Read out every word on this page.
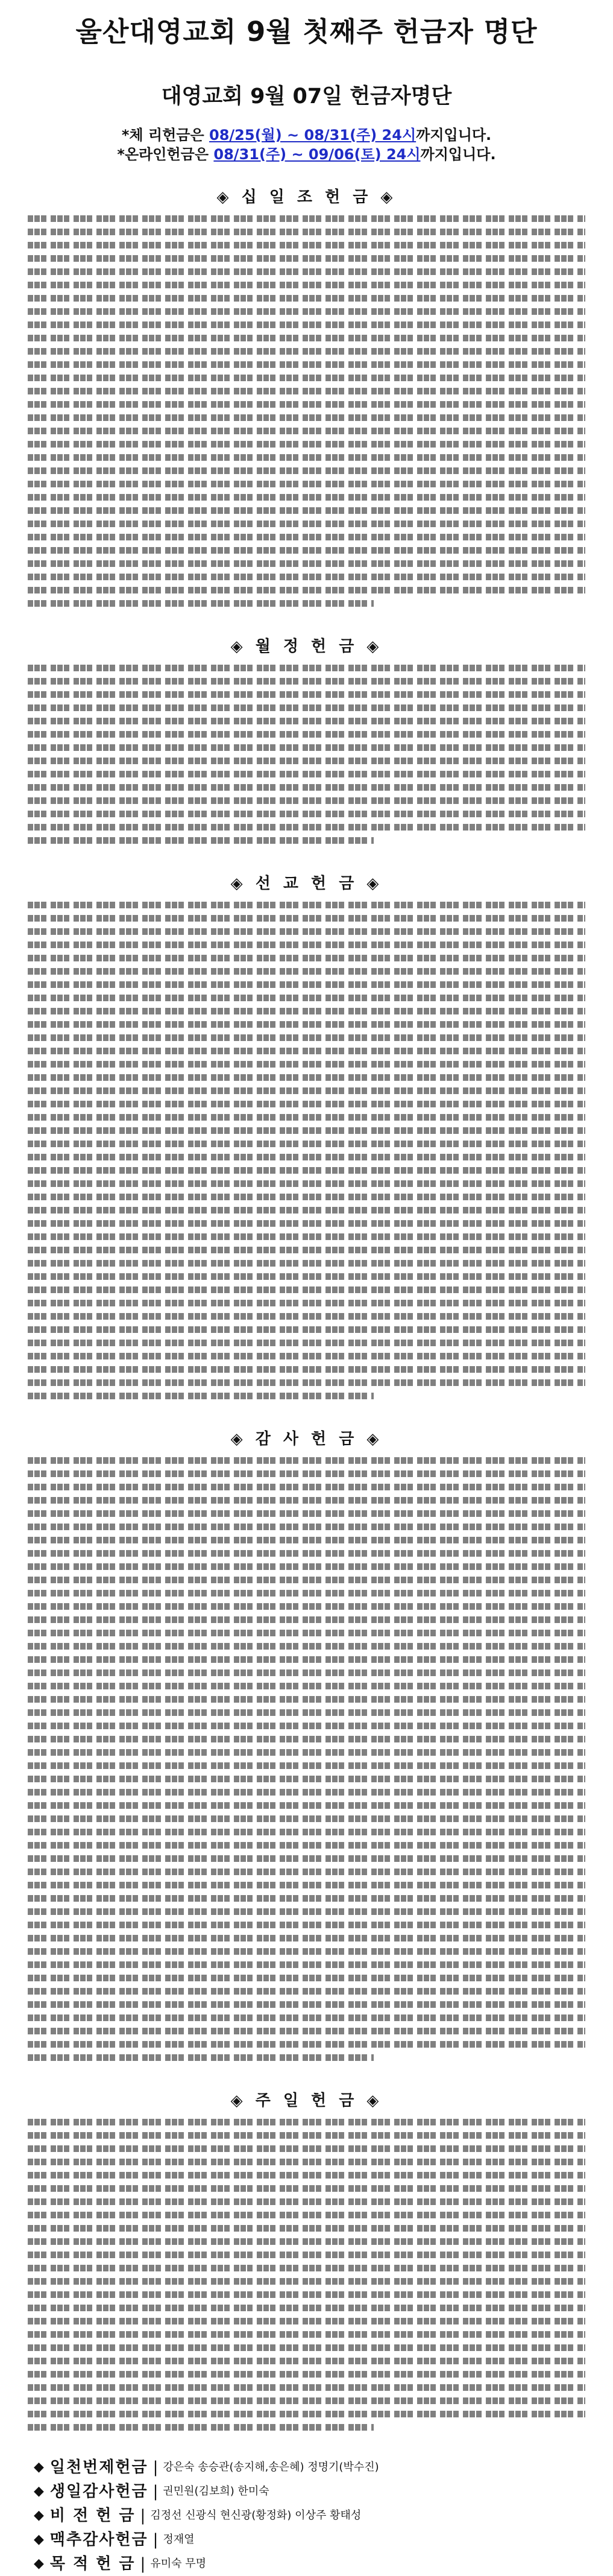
울산대영교회 9월 첫째주 헌금자 명단
대영교회 9월 07일 헌금자명단
*체 리헌금은 08/25(월) ~ 08/31(주) 24시까지입니다.
*온라인헌금은 08/31(주) ~ 09/06(토) 24시까지입니다.
◈ 십 일 조 헌 금 ◈
◈ 월 정 헌 금 ◈
◈ 선 교 헌 금 ◈
◈ 감 사 헌 금 ◈
◈ 주 일 헌 금 ◈
◆ 일천번제헌금 | 강은숙 송승관(송지해,송은혜) 정명기(박수진)
◆ 생일감사헌금 | 권민원(김보희) 한미숙
◆ 비 전 헌 금 | 김정선 신광식 현신광(황정화) 이상주 황태성
◆ 맥추감사헌금 | 정재열
◆ 목 적 헌 금 | 유미숙 무명
